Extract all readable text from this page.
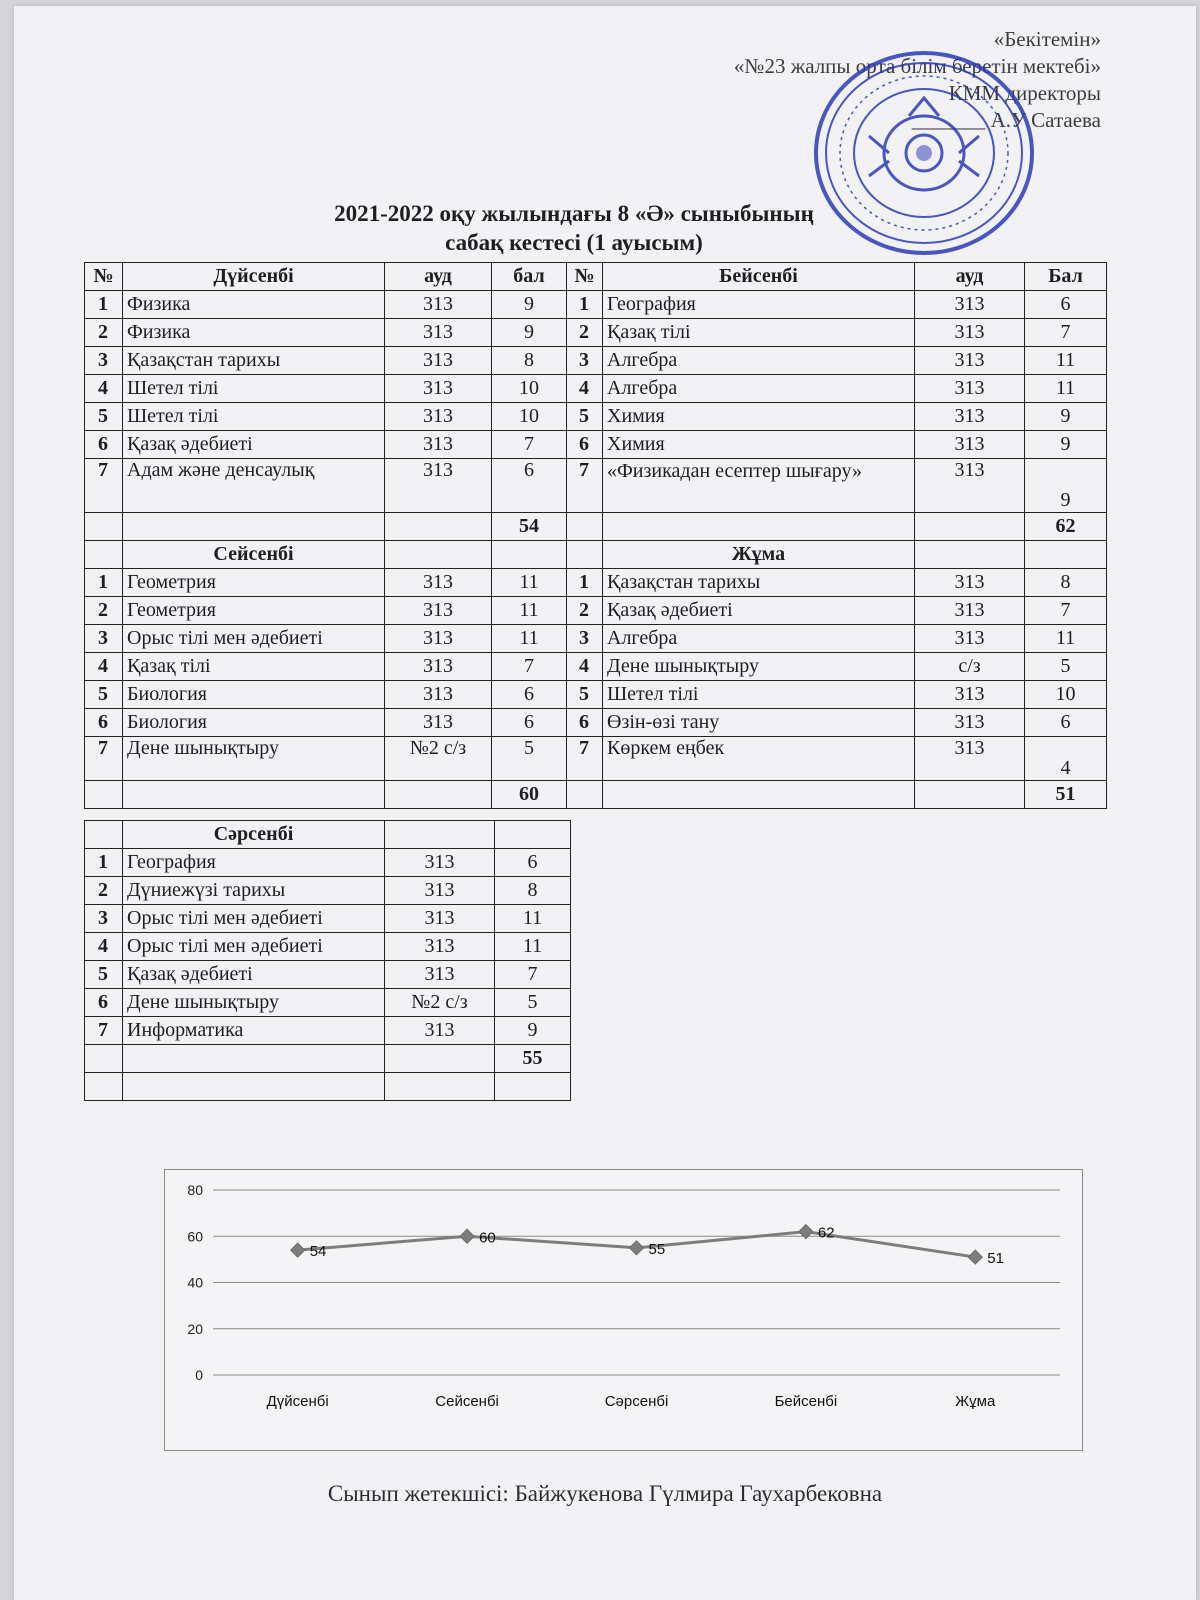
«Бекітемін»
«№23 жалпы орта білім беретін мектебі»
КММ директоры
_______ А.У Сатаева
2021-2022 оқу жылындағы 8 «Ә» сыныбының
сабақ кестесі (1 ауысым)
№	Дүйсенбі	ауд	бал	№	Бейсенбі	ауд	Бал
1	Физика	313	9	1	География	313	6
2	Физика	313	9	2	Қазақ тілі	313	7
3	Қазақстан тарихы	313	8	3	Алгебра	313	11
4	Шетел тілі	313	10	4	Алгебра	313	11
5	Шетел тілі	313	10	5	Химия	313	9
6	Қазақ әдебиеті	313	7	6	Химия	313	9
7	Адам және денсаулық	313	6	7	«Физикадан есептер шығару»	313	9
			54				62
	Сейсенбі				Жұма		
1	Геометрия	313	11	1	Қазақстан тарихы	313	8
2	Геометрия	313	11	2	Қазақ әдебиеті	313	7
3	Орыс тілі мен әдебиеті	313	11	3	Алгебра	313	11
4	Қазақ тілі	313	7	4	Дене шынықтыру	с/з	5
5	Биология	313	6	5	Шетел тілі	313	10
6	Биология	313	6	6	Өзін-өзі тану	313	6
7	Дене шынықтыру	№2 с/з	5	7	Көркем еңбек	313	4
			60				51
	Сәрсенбі		
1	География	313	6
2	Дүниежүзі тарихы	313	8
3	Орыс тілі мен әдебиеті	313	11
4	Орыс тілі мен әдебиеті	313	11
5	Қазақ әдебиеті	313	7
6	Дене шынықтыру	№2 с/з	5
7	Информатика	313	9
			55

0
20
40
60
80
Дүйсенбі	Сейсенбі	Сәрсенбі	Бейсенбі	Жұма
54
60
55
62
51
Сынып жетекшісі: Байжукенова Гүлмира Гаухарбековна
